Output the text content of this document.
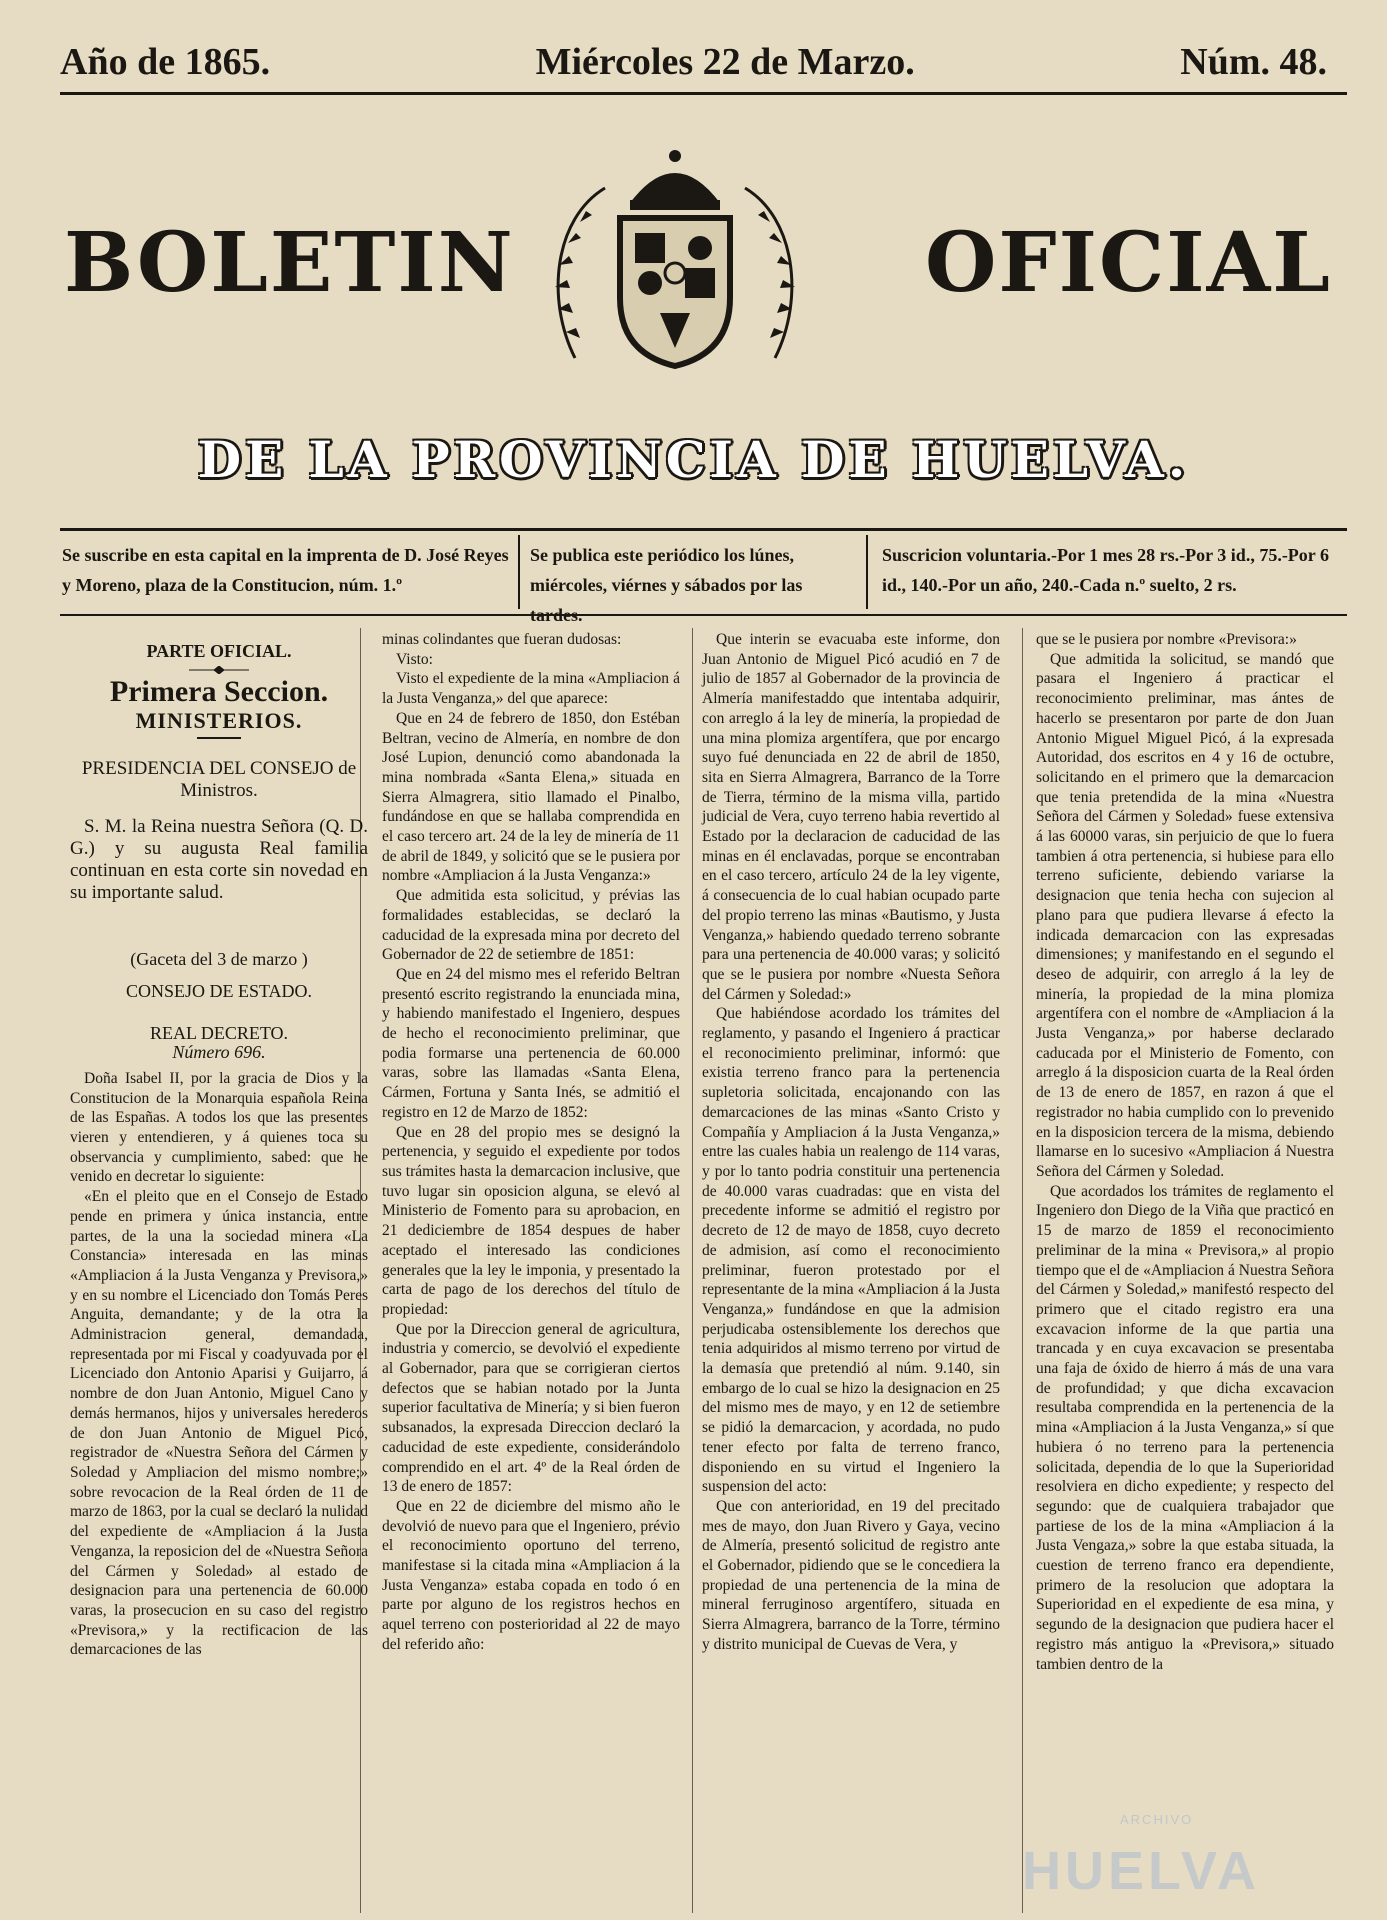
Año de 1865.	Miércoles 22 de Marzo.	Núm. 48.
BOLETIN	OFICIAL
DE LA PROVINCIA DE HUELVA.
Se suscribe en esta capital en la imprenta de D. José Reyes y Moreno, plaza de la Constitucion, núm. 1.º
Se publica este periódico los lúnes, miércoles, viérnes y sábados por las tardes.
Suscricion voluntaria.-Por 1 mes 28 rs.-Por 3 id., 75.-Por 6 id., 140.-Por un año, 240.-Cada n.º suelto, 2 rs.

PARTE OFICIAL.

Primera Seccion.

MINISTERIOS.

PRESIDENCIA DEL CONSEJO de Ministros.

S. M. la Reina nuestra Señora (Q. D. G.) y su augusta Real familia continuan en esta corte sin novedad en su importante salud.

(Gaceta del 3 de marzo )

CONSEJO DE ESTADO.

REAL DECRETO.

Número 696.

Doña Isabel II, por la gracia de Dios y la Constitucion de la Monarquia española Reina de las Españas. A todos los que las presentes vieren y entendieren, y á quienes toca su observancia y cumplimiento, sabed: que he venido en decretar lo siguiente:

«En el pleito que en el Consejo de Estado pende en primera y única instancia, entre partes, de la una la sociedad minera «La Constancia» interesada en las minas «Ampliacion á la Justa Venganza y Previsora,» y en su nombre el Licenciado don Tomás Peres Anguita, demandante; y de la otra la Administracion general, demandada, representada por mi Fiscal y coadyuvada por el Licenciado don Antonio Aparisi y Guijarro, á nombre de don Juan Antonio, Miguel Cano y demás hermanos, hijos y universales herederos de don Juan Antonio de Miguel Picó, registrador de «Nuestra Señora del Cármen y Soledad y Ampliacion del mismo nombre;» sobre revocacion de la Real órden de 11 de marzo de 1863, por la cual se declaró la nulidad del expediente de «Ampliacion á la Justa Venganza, la reposicion del de «Nuestra Señora del Cármen y Soledad» al estado de designacion para una pertenencia de 60.000 varas, la prosecucion en su caso del registro «Previsora,» y la rectificacion de las demarcaciones de las

minas colindantes que fueran dudosas:

Visto:

Visto el expediente de la mina «Ampliacion á la Justa Venganza,» del que aparece:

Que en 24 de febrero de 1850, don Estéban Beltran, vecino de Almería, en nombre de don José Lupion, denunció como abandonada la mina nombrada «Santa Elena,» situada en Sierra Almagrera, sitio llamado el Pinalbo, fundándose en que se hallaba comprendida en el caso tercero art. 24 de la ley de minería de 11 de abril de 1849, y solicitó que se le pusiera por nombre «Ampliacion á la Justa Venganza:»

Que admitida esta solicitud, y prévias las formalidades establecidas, se declaró la caducidad de la expresada mina por decreto del Gobernador de 22 de setiembre de 1851:

Que en 24 del mismo mes el referido Beltran presentó escrito registrando la enunciada mina, y habiendo manifestado el Ingeniero, despues de hecho el reconocimiento preliminar, que podia formarse una pertenencia de 60.000 varas, sobre las llamadas «Santa Elena, Cármen, Fortuna y Santa Inés, se admitió el registro en 12 de Marzo de 1852:

Que en 28 del propio mes se designó la pertenencia, y seguido el expediente por todos sus trámites hasta la demarcacion inclusive, que tuvo lugar sin oposicion alguna, se elevó al Ministerio de Fomento para su aprobacion, en 21 dediciembre de 1854 despues de haber aceptado el interesado las condiciones generales que la ley le imponia, y presentado la carta de pago de los derechos del título de propiedad:

Que por la Direccion general de agricultura, industria y comercio, se devolvió el expediente al Gobernador, para que se corrigieran ciertos defectos que se habian notado por la Junta superior facultativa de Minería; y si bien fueron subsanados, la expresada Direccion declaró la caducidad de este expediente, considerándolo comprendido en el art. 4º de la Real órden de 13 de enero de 1857:

Que en 22 de diciembre del mismo año le devolvió de nuevo para que el Ingeniero, prévio el reconocimiento oportuno del terreno, manifestase si la citada mina «Ampliacion á la Justa Venganza» estaba copada en todo ó en parte por alguno de los registros hechos en aquel terreno con posterioridad al 22 de mayo del referido año:

Que interin se evacuaba este informe, don Juan Antonio de Miguel Picó acudió en 7 de julio de 1857 al Gobernador de la provincia de Almería manifestaddo que intentaba adquirir, con arreglo á la ley de minería, la propiedad de una mina plomiza argentífera, que por encargo suyo fué denunciada en 22 de abril de 1850, sita en Sierra Almagrera, Barranco de la Torre de Tierra, término de la misma villa, partido judicial de Vera, cuyo terreno habia revertido al Estado por la declaracion de caducidad de las minas en él enclavadas, porque se encontraban en el caso tercero, artículo 24 de la ley vigente, á consecuencia de lo cual habian ocupado parte del propio terreno las minas «Bautismo, y Justa Venganza,» habiendo quedado terreno sobrante para una pertenencia de 40.000 varas; y solicitó que se le pusiera por nombre «Nuesta Señora del Cármen y Soledad:»

Que habiéndose acordado los trámites del reglamento, y pasando el Ingeniero á practicar el reconocimiento preliminar, informó: que existia terreno franco para la pertenencia supletoria solicitada, encajonando con las demarcaciones de las minas «Santo Cristo y Compañía y Ampliacion á la Justa Venganza,» entre las cuales habia un realengo de 114 varas, y por lo tanto podria constituir una pertenencia de 40.000 varas cuadradas: que en vista del precedente informe se admitió el registro por decreto de 12 de mayo de 1858, cuyo decreto de admision, así como el reconocimiento preliminar, fueron protestado por el representante de la mina «Ampliacion á la Justa Venganza,» fundándose en que la admision perjudicaba ostensiblemente los derechos que tenia adquiridos al mismo terreno por virtud de la demasía que pretendió al núm. 9.140, sin embargo de lo cual se hizo la designacion en 25 del mismo mes de mayo, y en 12 de setiembre se pidió la demarcacion, y acordada, no pudo tener efecto por falta de terreno franco, disponiendo en su virtud el Ingeniero la suspension del acto:

Que con anterioridad, en 19 del precitado mes de mayo, don Juan Rivero y Gaya, vecino de Almería, presentó solicitud de registro ante el Gobernador, pidiendo que se le concediera la propiedad de una pertenencia de la mina de mineral ferruginoso argentífero, situada en Sierra Almagrera, barranco de la Torre, término y distrito municipal de Cuevas de Vera, y

que se le pusiera por nombre «Previsora:»

Que admitida la solicitud, se mandó que pasara el Ingeniero á practicar el reconocimiento preliminar, mas ántes de hacerlo se presentaron por parte de don Juan Antonio Miguel Miguel Picó, á la expresada Autoridad, dos escritos en 4 y 16 de octubre, solicitando en el primero que la demarcacion que tenia pretendida de la mina «Nuestra Señora del Cármen y Soledad» fuese extensiva á las 60000 varas, sin perjuicio de que lo fuera tambien á otra pertenencia, si hubiese para ello terreno suficiente, debiendo variarse la designacion que tenia hecha con sujecion al plano para que pudiera llevarse á efecto la indicada demarcacion con las expresadas dimensiones; y manifestando en el segundo el deseo de adquirir, con arreglo á la ley de minería, la propiedad de la mina plomiza argentífera con el nombre de «Ampliacion á la Justa Venganza,» por haberse declarado caducada por el Ministerio de Fomento, con arreglo á la disposicion cuarta de la Real órden de 13 de enero de 1857, en razon á que el registrador no habia cumplido con lo prevenido en la disposicion tercera de la misma, debiendo llamarse en lo sucesivo «Ampliacion á Nuestra Señora del Cármen y Soledad.

Que acordados los trámites de reglamento el Ingeniero don Diego de la Viña que practicó en 15 de marzo de 1859 el reconocimiento preliminar de la mina « Previsora,» al propio tiempo que el de «Ampliacion á Nuestra Señora del Cármen y Soledad,» manifestó respecto del primero que el citado registro era una excavacion informe de la que partia una trancada y en cuya excavacion se presentaba una faja de óxido de hierro á más de una vara de profundidad; y que dicha excavacion resultaba comprendida en la pertenencia de la mina «Ampliacion á la Justa Venganza,» sí que hubiera ó no terreno para la pertenencia solicitada, dependia de lo que la Superioridad resolviera en dicho expediente; y respecto del segundo: que de cualquiera trabajador que partiese de los de la mina «Ampliacion á la Justa Vengaza,» sobre la que estaba situada, la cuestion de terreno franco era dependiente, primero de la resolucion que adoptara la Superioridad en el expediente de esa mina, y segundo de la designacion que pudiera hacer el registro más antiguo la «Previsora,» situado tambien dentro de la

ARCHIVO
HUELVA
